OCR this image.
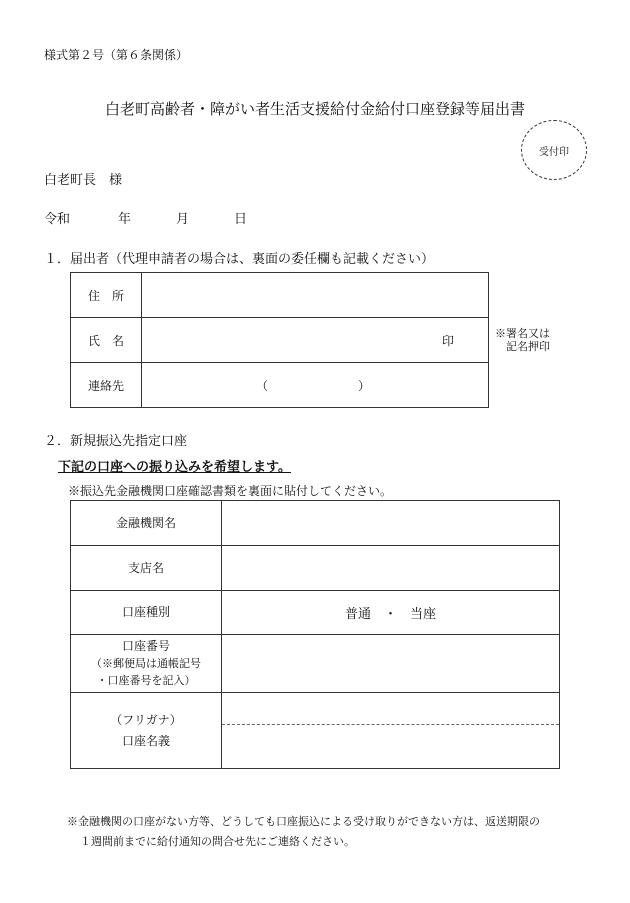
様式第２号（第６条関係）
白老町高齢者・障がい者生活支援給付金給付口座登録等届出書
受付印
白老町長　様
令和	年	月	日
１．届出者（代理申請者の場合は、裏面の委任欄も記載ください）
住　所	
氏　名	印

連絡先	（ ）
※署名又は
記名押印
２．新規振込先指定口座
下記の口座への振り込みを希望します。
※振込先金融機関口座確認書類を裏面に貼付してください。
金融機関名	
支店名	
口座種別	普通　・　当座

口座番号
（※郵便局は通帳記号
・口座番号を記入）	

（フリガナ）
口座名義	

※金融機関の口座がない方等、どうしても口座振込による受け取りができない方は、返送期限の
１週間前までに給付通知の問合せ先にご連絡ください。
